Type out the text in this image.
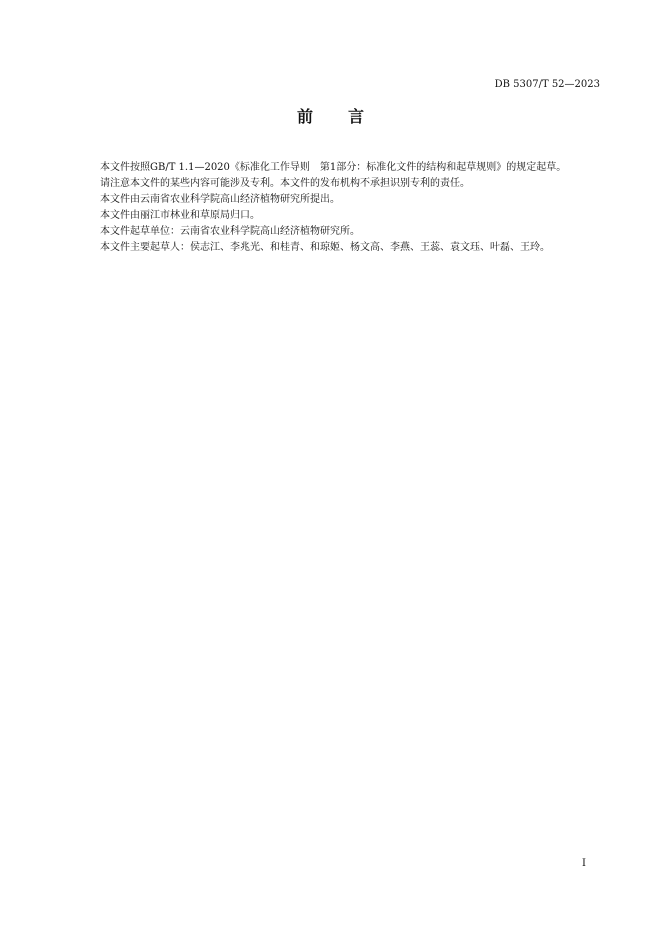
DB 5307/T 52—2023
前　　言

本文件按照GB/T 1.1—2020《标准化工作导则　第1部分：标准化文件的结构和起草规则》的规定起草。

请注意本文件的某些内容可能涉及专利。本文件的发布机构不承担识别专利的责任。

本文件由云南省农业科学院高山经济植物研究所提出。

本文件由丽江市林业和草原局归口。

本文件起草单位：云南省农业科学院高山经济植物研究所。

本文件主要起草人：侯志江、李兆光、和桂青、和琼姬、杨文高、李燕、王蕊、袁文珏、叶磊、王玲。

I
